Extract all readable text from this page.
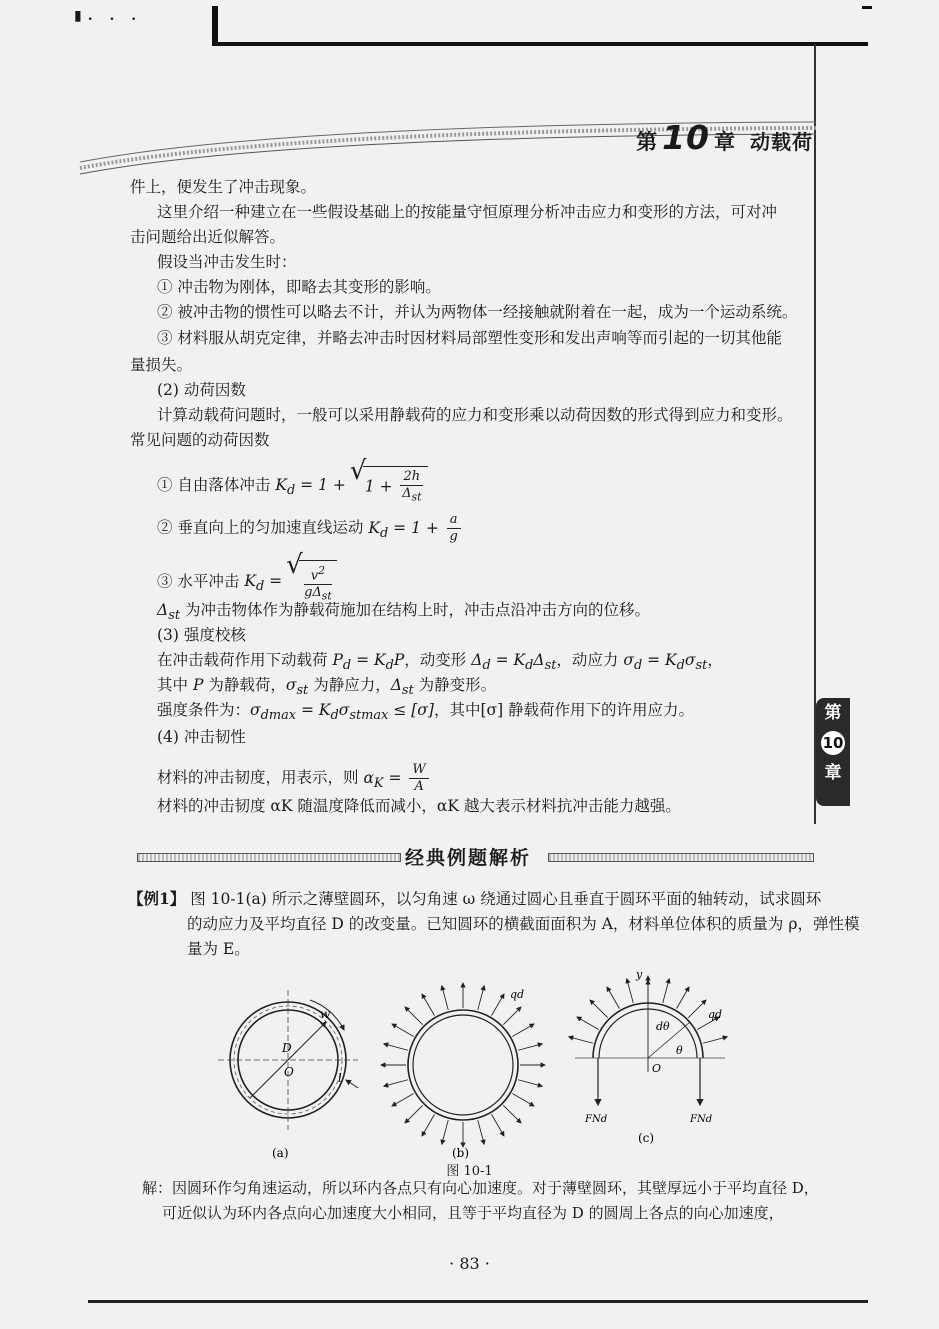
▮. . .
第 10 章 动载荷
件上，便发生了冲击现象。
这里介绍一种建立在一些假设基础上的按能量守恒原理分析冲击应力和变形的方法，可对冲
击问题给出近似解答。
假设当冲击发生时：
① 冲击物为刚体，即略去其变形的影响。
② 被冲击物的惯性可以略去不计，并认为两物体一经接触就附着在一起，成为一个运动系统。
③ 材料服从胡克定律，并略去冲击时因材料局部塑性变形和发出声响等而引起的一切其他能
量损失。
(2) 动荷因数
计算动载荷问题时，一般可以采用静载荷的应力和变形乘以动荷因数的形式得到应力和变形。
常见问题的动荷因数
① 自由落体冲击 $K_d = 1$ + √ $1 + \frac{2h}{\Delta_{st}}$
② 垂直向上的匀加速直线运动 $K_d = 1 + \frac{a}{g}$
③ 水平冲击 $K_d$ =
√ $\frac{v^2}{g\Delta_{st}}$
$\Delta_{st}$ 为冲击物体作为静载荷施加在结构上时，冲击点沿冲击方向的位移。
(3) 强度校核
在冲击载荷作用下动载荷 $P_d = K_dP$，动变形 $\Delta_d = K_d\Delta_{st}$，动应力 $\sigma_d = K_d\sigma_{st}$，
其中 P 为静载荷，$\sigma_{st}$ 为静应力，$\Delta_{st}$ 为静变形。
强度条件为：$\sigma_{dmax} = K_d\sigma_{stmax} \le [\sigma]$，其中[σ] 静载荷作用下的许用应力。
(4) 冲击韧性
材料的冲击韧度，用表示，则 $\alpha_K = \frac{W}{A}$
材料的冲击韧度 αK 随温度降低而减小，αK 越大表示材料抗冲击能力越强。
第
10
章
经典例题解析
【例1】 图 10-1(a) 所示之薄壁圆环，以匀角速 ω 绕通过圆心且垂直于圆环平面的轴转动，试求圆环
的动应力及平均直径 D 的改变量。已知圆环的横截面面积为 A，材料单位体积的质量为 ρ，弹性模
量为 E。
w
D
O	l
(a)
qd
(b)
y
dθ
θ
O
qd
FNd	FNd
(c)
图 10-1
解：因圆环作匀角速运动，所以环内各点只有向心加速度。对于薄壁圆环，其壁厚远小于平均直径 D，
可近似认为环内各点向心加速度大小相同，且等于平均直径为 D 的圆周上各点的向心加速度，
· 83 ·
